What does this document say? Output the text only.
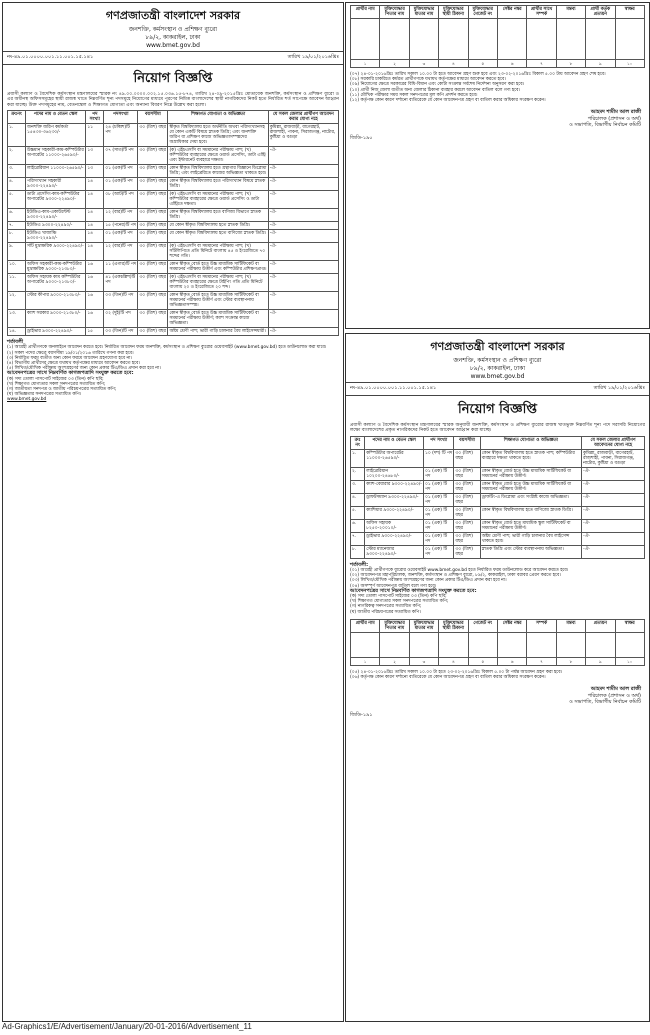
গণপ্রজাতন্ত্রী বাংলাদেশ সরকার
জনশক্তি, কর্মসংস্থান ও প্রশিক্ষণ ব্যুরো
৮৯/২, কাকরাইল, ঢাকা
www.bmet.gov.bd
নং-৪৯.০১.০০০০.০০১.১১.০০১.১৫.১৪১	তারিখ ১৯/০১/২০১৬খ্রিঃ
নিয়োগ বিজ্ঞপ্তি
প্রবাসী কল্যাণ ও বৈদেশিক কর্মসংস্থান মন্ত্রণালয়ের স্মারক নং ৪৯.০০.০০০০.০০২.১৫.০৩৬.১৫-৮৭৪, তারিখ ২৪-০৯-২০১৫খ্রিঃ মোতাবেক জনশক্তি, কর্মসংস্থান ও প্রশিক্ষণ ব্যুরো ও এর অধীনস্থ অফিসসমূহের স্থায়ী রাজস্ব খাতে নিম্নবর্ণিত শূন্য পদসমূহে নিয়োগের মাধ্যমে পূরণের নিমিত্ত বাংলাদেশের স্থায়ী নাগরিকদের নিকট হতে নির্ধারিত শর্ত সাপেক্ষে আবেদন আহ্বান করা যাচ্ছে। উক্ত পদসমূহের নাম, বেতনস্কেল ও শিক্ষাগত যোগ্যতা এবং অন্যান্য বিবরণ নিম্নে উল্লেখ করা হলো।
ক্রঃনং	পদের নাম ও বেতন স্কেল	পদ সংখ্যা	পদসংখ্যা	বয়সসীমা	শিক্ষাগত যোগ্যতা ও অভিজ্ঞতা	যে সকল জেলার প্রার্থীগণ আবেদন করার যোগ্য নহে
১.	জনশক্তি জরিপ কর্মকর্তা ১৫৪৩০-৩৬২৩০/-	১১	২৪ (চব্বিশ)টি পদ	৩০ (ত্রিশ) বছর	স্বীকৃত বিশ্ববিদ্যালয় হতে অর্থনীতি অথবা পরিসংখ্যানসহ যে কোন একটি বিষয়ে স্নাতক ডিগ্রি; এবং জনশক্তি জরিপ বা প্রশিক্ষণ কাজে অভিজ্ঞতাসম্পন্নদের অগ্রাধিকার দেয়া হবে।	কুমিল্লা, রাজবাড়ী, বাগেরহাট, রাজশাহী, পাবনা, সিরাজগঞ্জ, নাটোর, কুষ্টিয়া ও বগুড়া
২.	উচ্চমান সহকারী-কাম-কম্পিউটার অপারেটর ১১০০০-২৬৫৯০/-	১৩	০৭ (সাত)টি পদ	৩০ (ত্রিশ) বছর	(ক) এইচএসসি বা সমমানের পরীক্ষায় পাশ; (খ) কম্পিউটার ব্যবহারের ক্ষেত্রে ওয়ার্ড প্রসেসিং, ডাটা এন্ট্রি এবং ইন্টারনেট ব্যবহারে দক্ষতা।	-ঐ-
৩.	লাইব্রেরিয়ান ১১০০০-২৬৫৯০/-	১৩	০১ (এক)টি পদ	৩০ (ত্রিশ) বছর	কোন স্বীকৃত বিশ্ববিদ্যালয় হতে গ্রন্থাগার বিজ্ঞানে ডিপ্লোমা ডিগ্রি; এবং লাইব্রেরিতে কাজের অভিজ্ঞতা থাকতে হবে।	-ঐ-
৪.	পরিসংখ্যান সহকারী ৯৩০০-২২৪৯০/-	১৪	০১ (এক)টি পদ	৩০ (ত্রিশ) বছর	কোন স্বীকৃত বিশ্ববিদ্যালয় হতে পরিসংখ্যান বিষয়ে স্নাতক ডিগ্রি।	-ঐ-
৫.	ডাটা প্রসেসিং-কাম-কম্পিউটার অপারেটর ৯৩০০-২২৪৯০/-	১৪	০৮ (আট)টি পদ	৩০ (ত্রিশ) বছর	(ক) এইচএসসি বা সমমানের পরীক্ষায় পাশ; (খ) কম্পিউটার ব্যবহারের ক্ষেত্রে ওয়ার্ড প্রসেসিং ও ডাটা এন্ট্রিতে দক্ষতা।	-ঐ-
৬.	ইউডিএ-কাম-একাউন্টেন্ট ৯৩০০-২২৪৯০/-	১৪	১২ (বার)টি পদ	৩০ (ত্রিশ) বছর	কোন স্বীকৃত বিশ্ববিদ্যালয় হতে বাণিজ্য বিভাগে স্নাতক ডিগ্রি।	-ঐ-
৭.	ইউডিএ ৯৩০০-২২৪৯০/-	১৪	১৫ (পনের)টি পদ	৩০ (ত্রিশ) বছর	যে কোন স্বীকৃত বিশ্ববিদ্যালয় হতে স্নাতক ডিগ্রি।	-ঐ-
৮.	ইউডিএ খাজাঞ্চি ৯৩০০-২২৪৯০/-	১৪	০১ (এক)টি পদ	৩০ (ত্রিশ) বছর	যে কোন স্বীকৃত বিশ্ববিদ্যালয় হতে বাণিজ্যে স্নাতক ডিগ্রি।	-ঐ-
৯.	সাঁট মুদ্রাক্ষরিক ৯৩০০-২২৪৯০/-	১৪	১২ (বার)টি পদ	৩০ (ত্রিশ) বছর	(ক) এইচএসসি বা সমমানের পরীক্ষায় পাশ; (খ) সাঁটলিপিতে প্রতি মিনিটে বাংলায় ৪৫ ও ইংরেজিতে ৭০ শব্দের গতি।	-ঐ-
১০.	অফিস সহকারী-কাম-কম্পিউটার মুদ্রাক্ষরিক ৯০০০-২১৩৮০/-	১৬	১১ (এগার)টি পদ	৩০ (ত্রিশ) বছর	কোন স্বীকৃত বোর্ড হতে উচ্চ মাধ্যমিক সার্টিফিকেট বা সমমানের পরীক্ষায় উত্তীর্ণ এবং কম্পিউটার প্রশিক্ষণপ্রাপ্ত।	-ঐ-
১১.	অফিস সহায়ক কাম কম্পিউটার অপারেটর ৯০০০-২১৩৮০/-	১৬	৪১ (একচল্লিশ)টি পদ	৩০ (ত্রিশ) বছর	(ক) এইচএসসি বা সমমানের পরীক্ষায় পাশ; (খ) কম্পিউটার ব্যবহারের ক্ষেত্রে টাইপিং গতি প্রতি মিনিটে বাংলায় ২০ ও ইংরেজিতে ২০ শব্দ।	-ঐ-
১২.	স্টোর কীপার ৯০০০-২১৩৮০/-	১৬	০৩ (তিন)টি পদ	৩০ (ত্রিশ) বছর	কোন স্বীকৃত বোর্ড হতে উচ্চ মাধ্যমিক সার্টিফিকেট বা সমমানের পরীক্ষায় উত্তীর্ণ এবং স্টোর ব্যবস্থাপনায় অভিজ্ঞতাসম্পন্ন।	-ঐ-
১৩.	ক্যাশ সরকার ৯০০০-২১৩৮০/-	১৬	০২ (দুই)টি পদ	৩০ (ত্রিশ) বছর	কোন স্বীকৃত বোর্ড হতে উচ্চ মাধ্যমিক সার্টিফিকেট বা সমমানের পরীক্ষায় উত্তীর্ণ; ক্যাশ সংক্রান্ত কাজে অভিজ্ঞতা।	-ঐ-
১৪.	ড্রাইভার ৯৩০০-২২৪৯০/-	১৫	০৩ (তিন)টি পদ	৩০ (ত্রিশ) বছর	অষ্টম শ্রেণী পাশ; ভারী গাড়ি চালনার বৈধ লাইসেন্সধারী।	-ঐ-
শর্তাবলী
(১) আগ্রহী প্রার্থীগণকে অনলাইনে আবেদন করতে হবে। নির্ধারিত আবেদন ফরম জনশক্তি, কর্মসংস্থান ও প্রশিক্ষণ ব্যুরোর ওয়েবসাইট (www.bmet.gov.bd) হতে ডাউনলোড করা যাবে।
(২) সকল পদের ক্ষেত্রে বয়সসীমা ১৯/০১/২০১৬ তারিখে গণনা করা হবে।
(৩) নির্ধারিত ফরম ব্যতীত অন্য কোন ফরমে আবেদন গ্রহণযোগ্য হবে না।
(৪) বিভাগীয় প্রার্থীদের ক্ষেত্রে যথাযথ কর্তৃপক্ষের মাধ্যমে আবেদন করতে হবে।
(৫) লিখিত/মৌখিক পরীক্ষায় অংশগ্রহণের জন্য কোন প্রকার টিএ/ডিএ প্রদান করা হবে না।
আবেদনপত্রের সাথে নিম্নবর্ণিত কাগজপত্রাদি সংযুক্ত করতে হবে:
(ক) সদ্য তোলা পাসপোর্ট সাইজের ০৩ (তিন) কপি ছবি;
(খ) শিক্ষাগত যোগ্যতার সকল সনদপত্রের সত্যায়িত কপি;
(গ) জাতীয়তা সনদপত্র ও জাতীয় পরিচয়পত্রের সত্যায়িত কপি;
(ঘ) অভিজ্ঞতার সনদপত্রের সত্যায়িত কপি।
www.bmet.gov.bd
প্রার্থীর নাম	মুক্তিযোদ্ধার পিতার নাম	মুক্তিযোদ্ধার মাতার নাম	মুক্তিযোদ্ধার স্থায়ী ঠিকানা	মুক্তিযোদ্ধার গেজেট নং	সেক্টর নম্বর	প্রার্থীর সাথে সম্পর্ক	মন্তব্য	প্রার্থী কর্তৃক প্রত্যয়ন	স্বাক্ষর

১	২	৩	৪	৫	৬	৭	৮	৯	১০
(০৭) ২৪-০১-২০১৬খ্রিঃ তারিখ সকাল ১০.০০ টা হতে আবেদন গ্রহণ শুরু হবে এবং ২৩-০২-২০১৬খ্রিঃ বিকাল ৫.০০ টায় আবেদন গ্রহণ শেষ হবে।
(০৮) সরকারি চাকরিতে কর্মরত প্রার্থীগণকে যথাযথ কর্তৃপক্ষের মাধ্যমে আবেদন করতে হবে।
(০৯) নিয়োগের ক্ষেত্রে সরকারের বিধি-বিধান এবং কোটা সংক্রান্ত সর্বশেষ নির্দেশনা অনুসরণ করা হবে।
(১০) প্রার্থী নিজ জেলা ব্যতীত অন্য জেলার ঠিকানা ব্যবহার করলে আবেদন বাতিল বলে গণ্য হবে।
(১১) মৌখিক পরীক্ষার সময় সকল সনদপত্রের মূল কপি প্রদর্শন করতে হবে।
(১২) কর্তৃপক্ষ কোন কারণ দর্শানো ব্যতিরেকে যে কোন আবেদনপত্র গ্রহণ বা বাতিল করার অধিকার সংরক্ষণ করেন।
আহমদ শামীম আল রাজী
পরিচালক (প্রশাসন ও অর্থ)
ও সভাপতি, বিভাগীয় নির্বাচন কমিটি
জিডি-১৯০
গণপ্রজাতন্ত্রী বাংলাদেশ সরকার
জনশক্তি, কর্মসংস্থান ও প্রশিক্ষণ ব্যুরো
৮৯/২, কাকরাইল, ঢাকা
www.bmet.gov.bd
নং-৪৯.০১.০০০০.০০১.১১.০০১.১৫.১৪১	তারিখ ১৯/০১/২০১৬খ্রিঃ
নিয়োগ বিজ্ঞপ্তি
প্রবাসী কল্যাণ ও বৈদেশিক কর্মসংস্থান মন্ত্রণালয়ের স্মারক অনুযায়ী জনশক্তি, কর্মসংস্থান ও প্রশিক্ষণ ব্যুরোর রাজস্ব খাতভুক্ত নিম্নবর্ণিত শূন্য পদে সরাসরি নিয়োগের লক্ষ্যে বাংলাদেশের প্রকৃত নাগরিকদের নিকট হতে আবেদন আহ্বান করা যাচ্ছে।
ক্রঃ নং	পদের নাম ও বেতন স্কেল	পদ সংখ্যা	বয়সসীমা	শিক্ষাগত যোগ্যতা ও অভিজ্ঞতা	যে সকল জেলার প্রার্থীগণ আবেদনের যোগ্য নহে
১.	কম্পিউটার অপারেটর ১১০০০-২৬৫৯০/-	১০ (দশ) টি পদ	৩০ (ত্রিশ) বছর	কোন স্বীকৃত বিশ্ববিদ্যালয় হতে স্নাতক পাশ; কম্পিউটার ব্যবহারে দক্ষতা থাকতে হবে।	কুমিল্লা, রাজবাড়ী, বাগেরহাট, রাজশাহী, পাবনা, সিরাজগঞ্জ, নাটোর, কুষ্টিয়া ও বগুড়া
২.	লাইব্রেরিয়ান ১০২০০-২৪৬৮০/-	০১ (এক) টি পদ	৩০ (ত্রিশ) বছর	কোন স্বীকৃত বোর্ড হতে উচ্চ মাধ্যমিক সার্টিফিকেট বা সমমানের পরীক্ষায় উত্তীর্ণ।	-ঐ-
৩.	ক্যাশ-বেয়ারার ৯৩০০-২২৪৯০/-	০১ (এক) টি পদ	৩০ (ত্রিশ) বছর	কোন স্বীকৃত বোর্ড হতে উচ্চ মাধ্যমিক সার্টিফিকেট বা সমমানের পরীক্ষায় উত্তীর্ণ।	-ঐ-
৪.	ড্রাফটসম্যান ৯৩০০-২২৪৯০/-	০১ (এক) টি পদ	৩০ (ত্রিশ) বছর	ড্রাফটিং-এ ডিপ্লোমা এবং সংশ্লিষ্ট কাজে অভিজ্ঞতা।	-ঐ-
৫.	ক্যাশিয়ার ৯৩০০-২২৪৯০/-	০১ (এক) টি পদ	৩০ (ত্রিশ) বছর	কোন স্বীকৃত বিশ্ববিদ্যালয় হতে বাণিজ্যে স্নাতক ডিগ্রি।	-ঐ-
৬.	অফিস সহায়ক ৮২৫০-২০০১০/-	০১ (এক) টি পদ	৩০ (ত্রিশ) বছর	কোন স্বীকৃত বোর্ড হতে মাধ্যমিক স্কুল সার্টিফিকেট বা সমমানের পরীক্ষায় উত্তীর্ণ।	-ঐ-
৭.	ড্রাইভার ৯৩০০-২২৪৯০/-	০১ (এক) টি পদ	৩০ (ত্রিশ) বছর	অষ্টম শ্রেণী পাশ; ভারী গাড়ি চালনার বৈধ লাইসেন্স থাকতে হবে।	-ঐ-
৮.	স্টোর ম্যানেজার ৯৩০০-২২৪৯০/-	০১ (এক) টি পদ	৩০ (ত্রিশ) বছর	স্নাতক ডিগ্রি এবং স্টোর ব্যবস্থাপনায় অভিজ্ঞতা।	-ঐ-
শর্তাবলী:
(০১) আগ্রহী প্রার্থীগণকে ব্যুরোর ওয়েবসাইট www.bmet.gov.bd হতে নির্ধারিত ফরম ডাউনলোড করে আবেদন করতে হবে।
(০২) আবেদনপত্র মহাপরিচালক, জনশক্তি, কর্মসংস্থান ও প্রশিক্ষণ ব্যুরো, ৮৯/২, কাকরাইল, ঢাকা বরাবর প্রেরণ করতে হবে।
(০৩) লিখিত/মৌখিক পরীক্ষায় অংশগ্রহণের জন্য কোন প্রকার টিএ/ডিএ প্রদান করা হবে না।
(০৪) অসম্পূর্ণ আবেদনপত্র বাতিল বলে গণ্য হবে।
আবেদনপত্রের সাথে নিম্নবর্ণিত কাগজপত্রাদি সংযুক্ত করতে হবে:
(ক) সদ্য তোলা পাসপোর্ট সাইজের ০৩ (তিন) কপি ছবি;
(খ) শিক্ষাগত যোগ্যতার সকল সনদপত্রের সত্যায়িত কপি;
(গ) নাগরিকত্ব সনদপত্রের সত্যায়িত কপি;
(ঘ) জাতীয় পরিচয়পত্রের সত্যায়িত কপি।
প্রার্থীর নাম	মুক্তিযোদ্ধার পিতার নাম	মুক্তিযোদ্ধার মাতার নাম	মুক্তিযোদ্ধার স্থায়ী ঠিকানা	গেজেট নং	সেক্টর নম্বর	সম্পর্ক	মন্তব্য	প্রত্যয়ন	স্বাক্ষর

১	২	৩	৪	৫	৬	৭	৮	৯	১০
(০৫) ২৪-০১-২০১৬খ্রিঃ তারিখ সকাল ১০.০০ টা হতে ২৩-০২-২০১৬খ্রিঃ বিকাল ৫.০০ টা পর্যন্ত আবেদন গ্রহণ করা হবে।
(০৬) কর্তৃপক্ষ কোন কারণ দর্শানো ব্যতিরেকে যে কোন আবেদনপত্র গ্রহণ বা বাতিল করার অধিকার সংরক্ষণ করেন।
আহমদ শামীম আল রাজী
পরিচালক (প্রশাসন ও অর্থ)
ও সভাপতি, বিভাগীয় নির্বাচন কমিটি
জিডি-১৯১
Ad-Graphics1/E/Advertisement/January/20-01-2016/Advertisement_11
